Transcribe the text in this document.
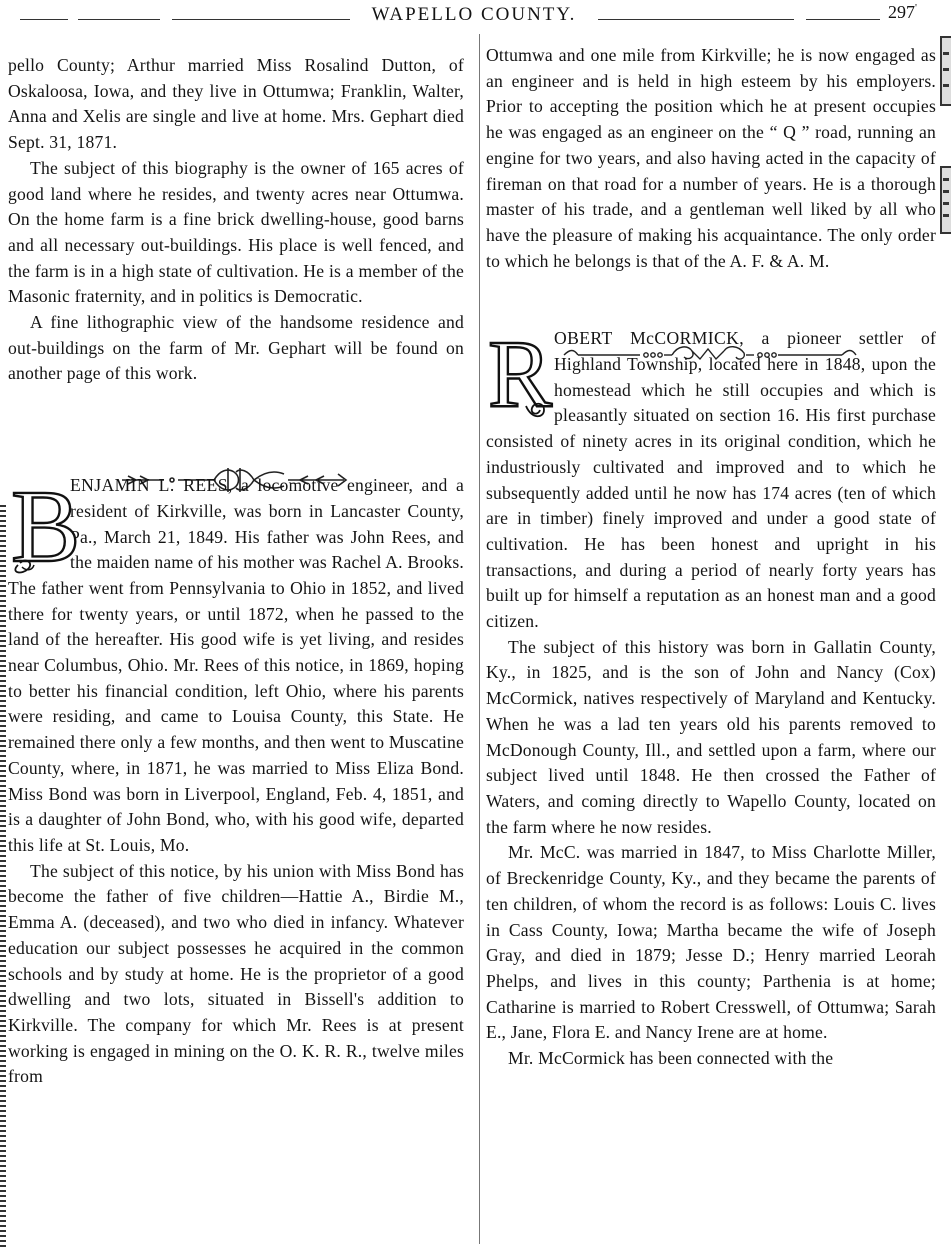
WAPELLO COUNTY.	297'

pello County; Arthur married Miss Rosalind Dutton, of Oskaloosa, Iowa, and they live in Ottumwa; Franklin, Walter, Anna and Xelis are single and live at home. Mrs. Gephart died Sept. 31, 1871.

The subject of this biography is the owner of 165 acres of good land where he resides, and twenty acres near Ottumwa. On the home farm is a fine brick dwelling-house, good barns and all necessary out-buildings. His place is well fenced, and the farm is in a high state of cultivation. He is a member of the Masonic fraternity, and in politics is Democratic.

A fine lithographic view of the handsome residence and out-buildings on the farm of Mr. Gephart will be found on another page of this work.

B

ENJAMIN L. REES, a locomotive engineer, and a resident of Kirkville, was born in Lancaster County, Pa., March 21, 1849. His father was John Rees, and the maiden name of his mother was Rachel A. Brooks. The father went from Pennsylvania to Ohio in 1852, and lived there for twenty years, or until 1872, when he passed to the land of the hereafter. His good wife is yet living, and resides near Columbus, Ohio. Mr. Rees of this notice, in 1869, hoping to better his financial condition, left Ohio, where his parents were residing, and came to Louisa County, this State. He remained there only a few months, and then went to Muscatine County, where, in 1871, he was married to Miss Eliza Bond. Miss Bond was born in Liverpool, England, Feb. 4, 1851, and is a daughter of John Bond, who, with his good wife, departed this life at St. Louis, Mo.

The subject of this notice, by his union with Miss Bond has become the father of five children—Hattie A., Birdie M., Emma A. (deceased), and two who died in infancy. Whatever education our subject possesses he acquired in the common schools and by study at home. He is the proprietor of a good dwelling and two lots, situated in Bissell's addition to Kirkville. The company for which Mr. Rees is at present working is engaged in mining on the O. K. R. R., twelve miles from

Ottumwa and one mile from Kirkville; he is now engaged as an engineer and is held in high esteem by his employers. Prior to accepting the position which he at present occupies he was engaged as an engineer on the “ Q ” road, running an engine for two years, and also having acted in the capacity of fireman on that road for a number of years. He is a thorough master of his trade, and a gentleman well liked by all who have the pleasure of making his acquaintance. The only order to which he belongs is that of the A. F. & A. M.

R OBERT McCORMICK, a pioneer settler of Highland Township, located here in 1848, upon the homestead which he still occupies and which is pleasantly situated on section 16. His first purchase consisted of ninety acres in its original condition, which he industriously cultivated and improved and to which he subsequently added until he now has 174 acres (ten of which are in timber) finely improved and under a good state of cultivation. He has been honest and upright in his transactions, and during a period of nearly forty years has built up for himself a reputation as an honest man and a good citizen.

The subject of this history was born in Gallatin County, Ky., in 1825, and is the son of John and Nancy (Cox) McCormick, natives respectively of Maryland and Kentucky. When he was a lad ten years old his parents removed to McDonough County, Ill., and settled upon a farm, where our subject lived until 1848. He then crossed the Father of Waters, and coming directly to Wapello County, located on the farm where he now resides.

Mr. McC. was married in 1847, to Miss Charlotte Miller, of Breckenridge County, Ky., and they became the parents of ten children, of whom the record is as follows: Louis C. lives in Cass County, Iowa; Martha became the wife of Joseph Gray, and died in 1879; Jesse D.; Henry married Leorah Phelps, and lives in this county; Parthenia is at home; Catharine is married to Robert Cresswell, of Ottumwa; Sarah E., Jane, Flora E. and Nancy Irene are at home.

Mr. McCormick has been connected with the
